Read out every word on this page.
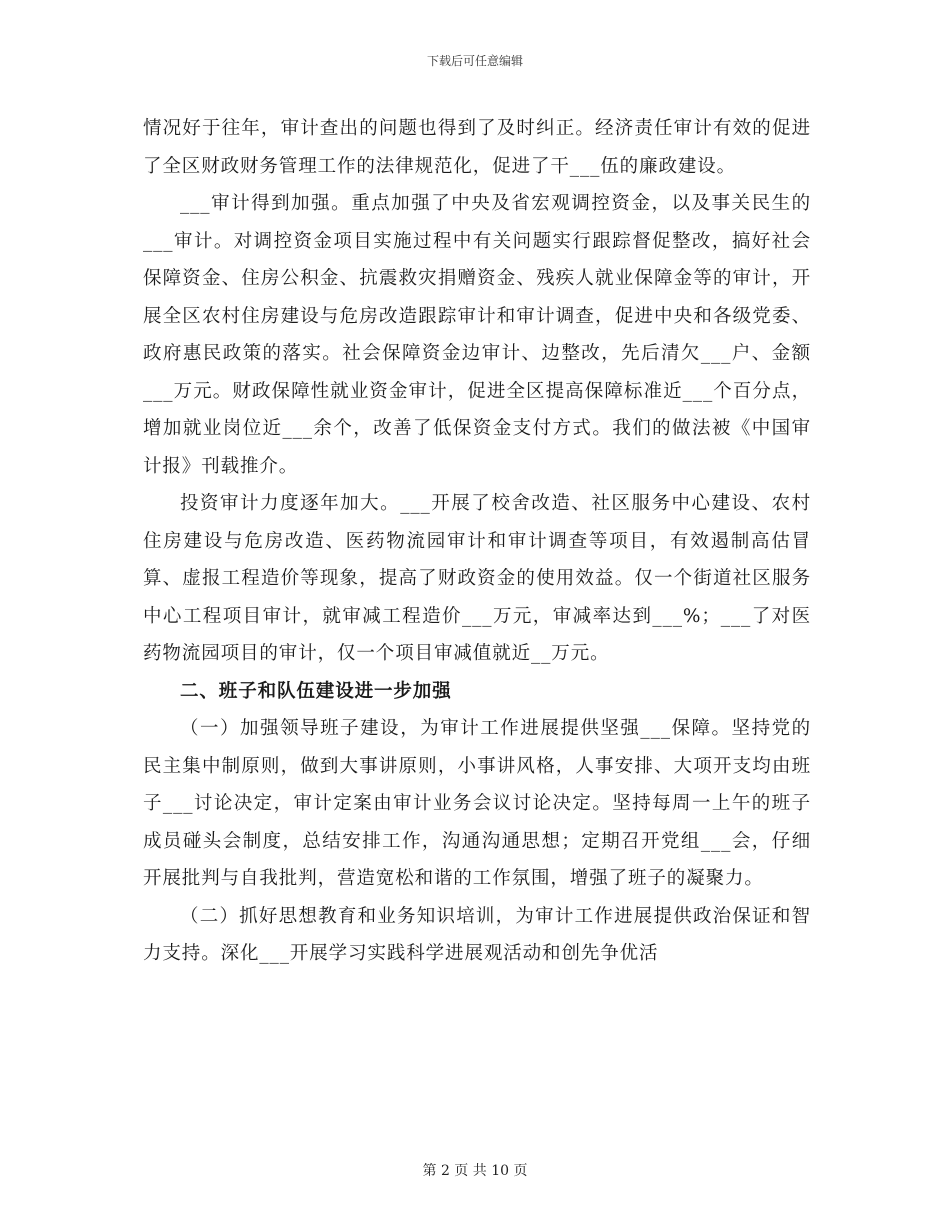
下载后可任意编辑

情况好于往年，审计查出的问题也得到了及时纠正。经济责任审计有效的促进了全区财政财务管理工作的法律规范化，促进了干___伍的廉政建设。

___审计得到加强。重点加强了中央及省宏观调控资金，以及事关民生的___审计。对调控资金项目实施过程中有关问题实行跟踪督促整改，搞好社会保障资金、住房公积金、抗震救灾捐赠资金、残疾人就业保障金等的审计，开展全区农村住房建设与危房改造跟踪审计和审计调查，促进中央和各级党委、政府惠民政策的落实。社会保障资金边审计、边整改，先后清欠___户、金额___万元。财政保障性就业资金审计，促进全区提高保障标准近___个百分点，增加就业岗位近___余个，改善了低保资金支付方式。我们的做法被《中国审计报》刊载推介。

投资审计力度逐年加大。___开展了校舍改造、社区服务中心建设、农村住房建设与危房改造、医药物流园审计和审计调查等项目，有效遏制高估冒算、虚报工程造价等现象，提高了财政资金的使用效益。仅一个街道社区服务中心工程项目审计，就审减工程造价___万元，审减率达到___%；___了对医药物流园项目的审计，仅一个项目审减值就近__万元。

二、班子和队伍建设进一步加强

（一）加强领导班子建设，为审计工作进展提供坚强___保障。坚持党的民主集中制原则，做到大事讲原则，小事讲风格，人事安排、大项开支均由班子___讨论决定，审计定案由审计业务会议讨论决定。坚持每周一上午的班子成员碰头会制度，总结安排工作，沟通沟通思想；定期召开党组___会，仔细开展批判与自我批判，营造宽松和谐的工作氛围，增强了班子的凝聚力。

（二）抓好思想教育和业务知识培训，为审计工作进展提供政治保证和智力支持。深化___开展学习实践科学进展观活动和创先争优活

第 2 页 共 10 页
